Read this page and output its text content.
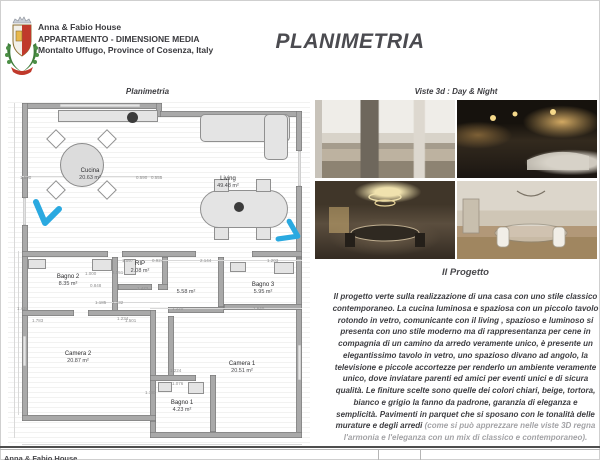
Anna & Fabio House
APPARTAMENTO - DIMENSIONE MEDIA
Montalto Uffugo, Province of Cosenza, Italy	PLANIMETRIA
Planimetria	Viste 3d : Day & Night
Cucina
20.63 m²	Living
49.48 m²
Bagno 2
8.35 m²
RIP
2.08 m²
5.58 m²
Bagno 3
5.95 m²
Camera 2
20.87 m²	Camera 1
20.51 m²
Bagno 1
4.23 m²
1.590	0.590 0.555
1.000	2.051
0.848
1.185	1.332
1.424
1.783	1.234
1.501
1.097	0.924	2.144	1.203
1.473
1.220	1.640
1.224
1.076
1.187
Il Progetto

Il progetto verte sulla realizzazione di una casa con uno stile classico contemporaneo. La cucina luminosa e spaziosa con un piccolo tavolo rotondo in vetro, comunicante con il living , spazioso e luminoso si presenta con uno stile moderno ma di rappresentanza per cene in compagnia di un camino da arredo veramente unico, è presente un elegantissimo tavolo in vetro, uno spazioso divano ad angolo, la televisione e piccole accortezze per renderlo un ambiente veramente unico, dove inviatare parenti ed amici per eventi unici e di sicura qualità. Le finiture scelte sono quelle dei colori chiari, beige, tortora, bianco e grigio la fanno da padrone, garanzia di eleganza e semplicità. Pavimenti in parquet che si sposano con le tonalità delle murature e degli arredi (come si può apprezzare nelle viste 3D regna l'armonia e l'eleganza con un mix di classico e contemporaneo).

Anna & Fabio House
